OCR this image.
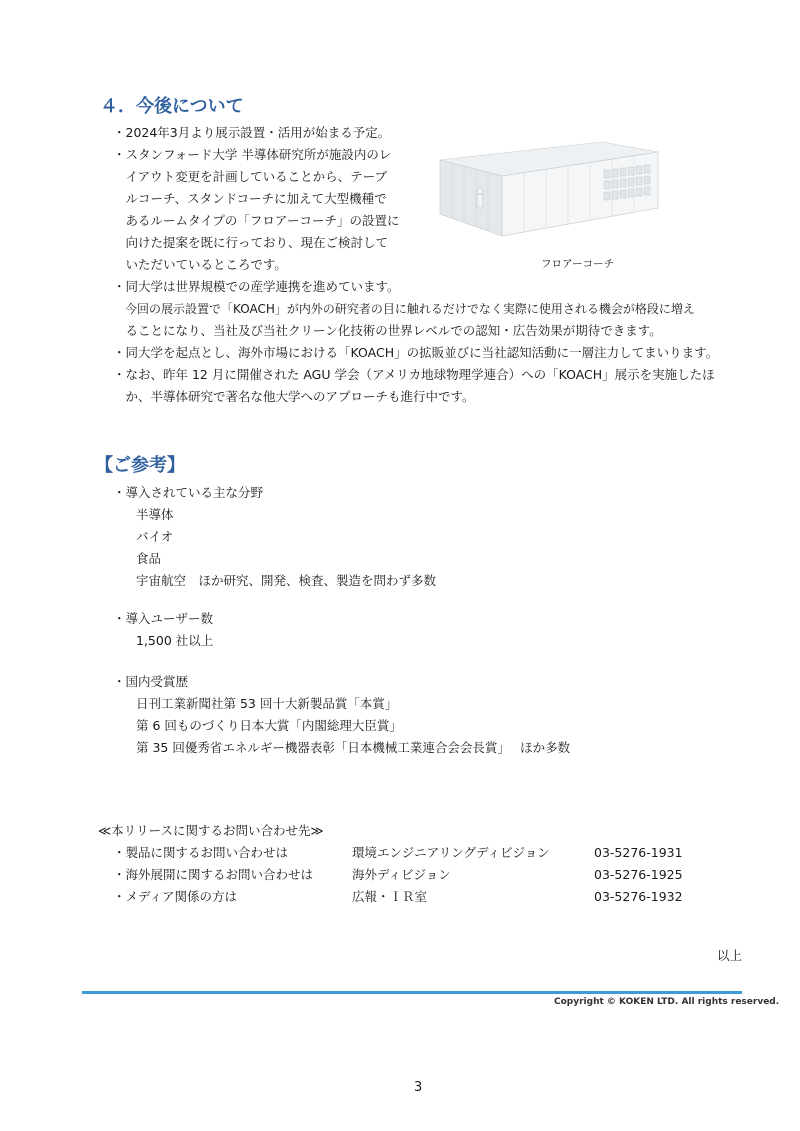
４．今後について
・2024年3月より展示設置・活用が始まる予定。
・スタンフォード大学 半導体研究所が施設内のレ
　イアウト変更を計画していることから、テーブ
　ルコーチ、スタンドコーチに加えて大型機種で
　あるルームタイプの「フロアーコーチ」の設置に
　向けた提案を既に行っており、現在ご検討して
　いただいているところです。
・同大学は世界規模での産学連携を進めています。
　今回の展示設置で「KOACH」が内外の研究者の目に触れるだけでなく実際に使用される機会が格段に増え
　ることになり、当社及び当社クリーン化技術の世界レベルでの認知・広告効果が期待できます。
・同大学を起点とし、海外市場における「KOACH」の拡販並びに当社認知活動に一層注力してまいります。
・なお、昨年 12 月に開催された AGU 学会（アメリカ地球物理学連合）への「KOACH」展示を実施したほ
　か、半導体研究で著名な他大学へのアプローチも進行中です。
フロアーコーチ
【ご参考】
・導入されている主な分野
半導体
バイオ
食品
宇宙航空　ほか研究、開発、検査、製造を問わず多数
・導入ユーザー数
1,500 社以上
・国内受賞歴
日刊工業新聞社第 53 回十大新製品賞「本賞」
第 6 回ものづくり日本大賞「内閣総理大臣賞」
第 35 回優秀省エネルギー機器表彰「日本機械工業連合会会長賞」　 ほか多数
≪本リリースに関するお問い合わせ先≫
・製品に関するお問い合わせは	環境エンジニアリングディビジョン	03-5276-1931
・海外展開に関するお問い合わせは	海外ディビジョン	03-5276-1925
・メディア関係の方は	広報・ＩＲ室	03-5276-1932
以上
Copyright © KOKEN LTD. All rights reserved.
3
